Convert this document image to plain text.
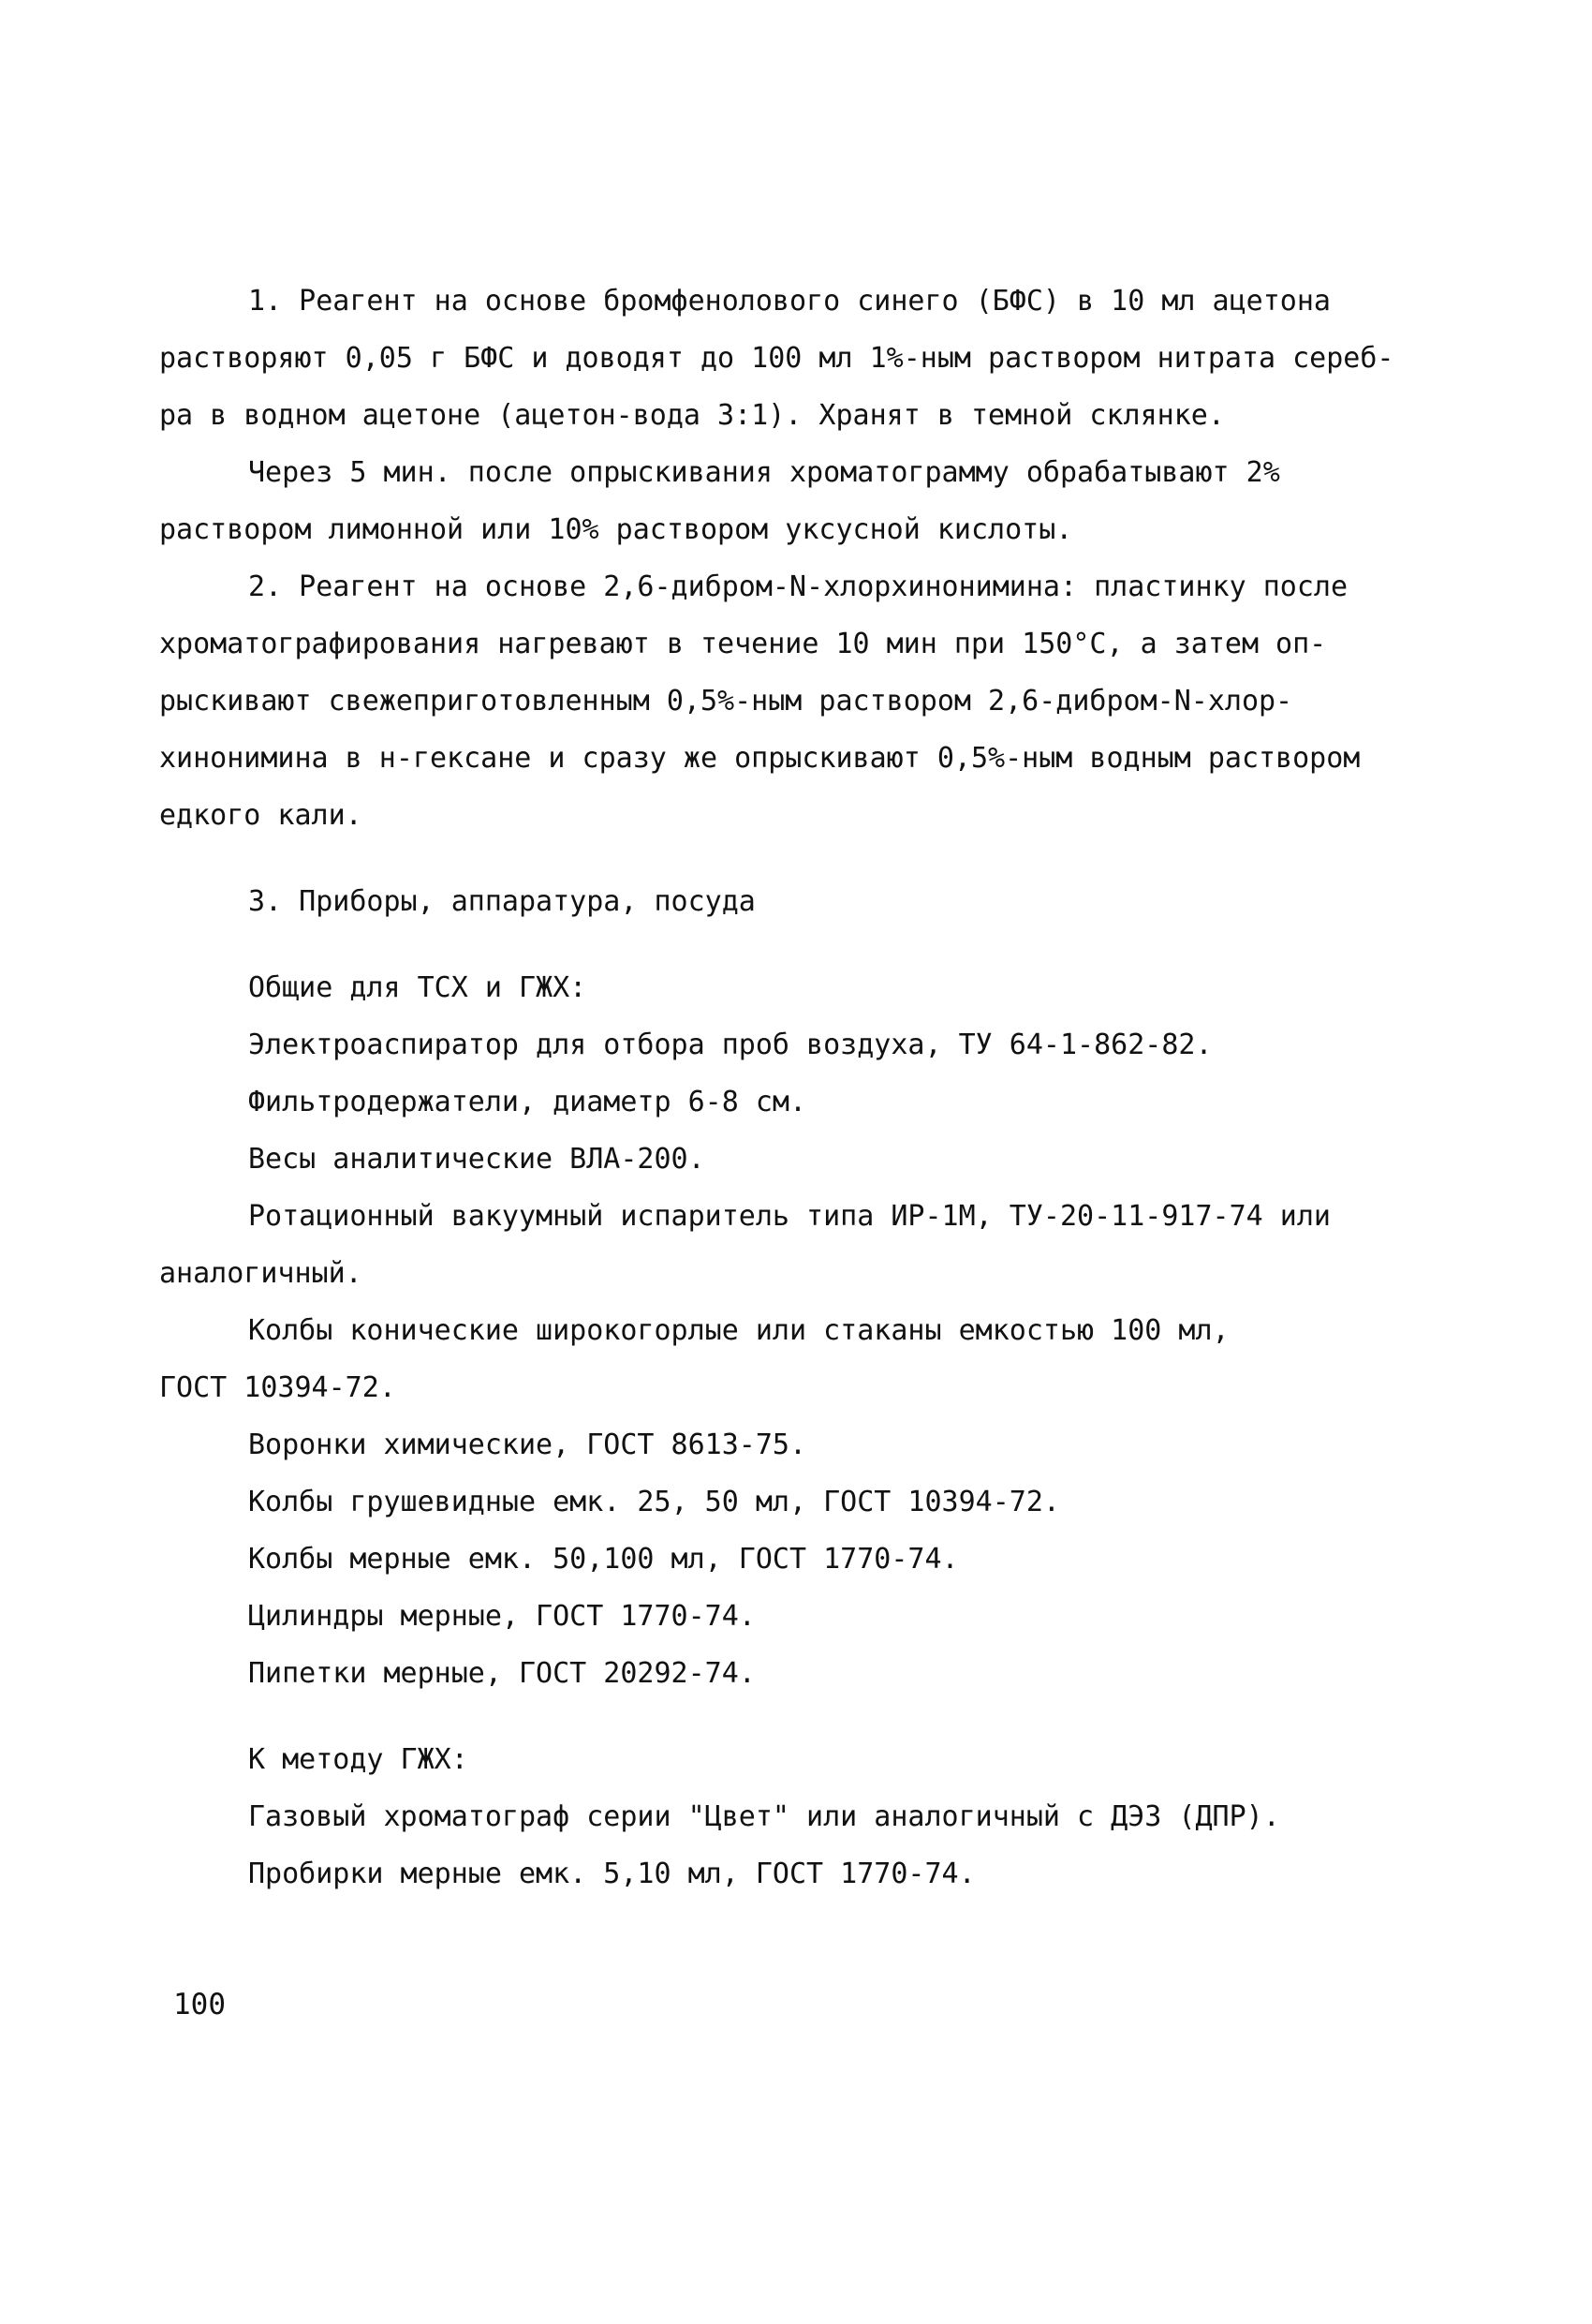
1. Реагент на основе бромфенолового синего (БФС) в 10 мл ацетона

растворяют 0,05 г БФС и доводят до 100 мл 1%-ным раствором нитрата сереб-

ра в водном ацетоне (ацетон-вода 3:1). Хранят в темной склянке.

Через 5 мин. после опрыскивания хроматограмму обрабатывают 2%

раствором лимонной или 10% раствором уксусной кислоты.

2. Реагент на основе 2,6-дибром-N-хлорхинонимина: пластинку после

хроматографирования нагревают в течение 10 мин при 150°С, а затем оп-

рыскивают свежеприготовленным 0,5%-ным раствором 2,6-дибром-N-хлор-

хинонимина в н-гексане и сразу же опрыскивают 0,5%-ным водным раствором

едкого кали.

3. Приборы, аппаратура, посуда

Общие для ТСХ и ГЖХ:

Электроаспиратор для отбора проб воздуха, ТУ 64-1-862-82.

Фильтродержатели, диаметр 6-8 см.

Весы аналитические ВЛА-200.

Ротационный вакуумный испаритель типа ИР-1М, ТУ-20-11-917-74 или

аналогичный.

Колбы конические широкогорлые или стаканы емкостью 100 мл,

ГОСТ 10394-72.

Воронки химические, ГОСТ 8613-75.

Колбы грушевидные емк. 25, 50 мл, ГОСТ 10394-72.

Колбы мерные емк. 50,100 мл, ГОСТ 1770-74.

Цилиндры мерные, ГОСТ 1770-74.

Пипетки мерные, ГОСТ 20292-74.

К методу ГЖХ:

Газовый хроматограф серии "Цвет" или аналогичный с ДЭЗ (ДПР).

Пробирки мерные емк. 5,10 мл, ГОСТ 1770-74.

100
